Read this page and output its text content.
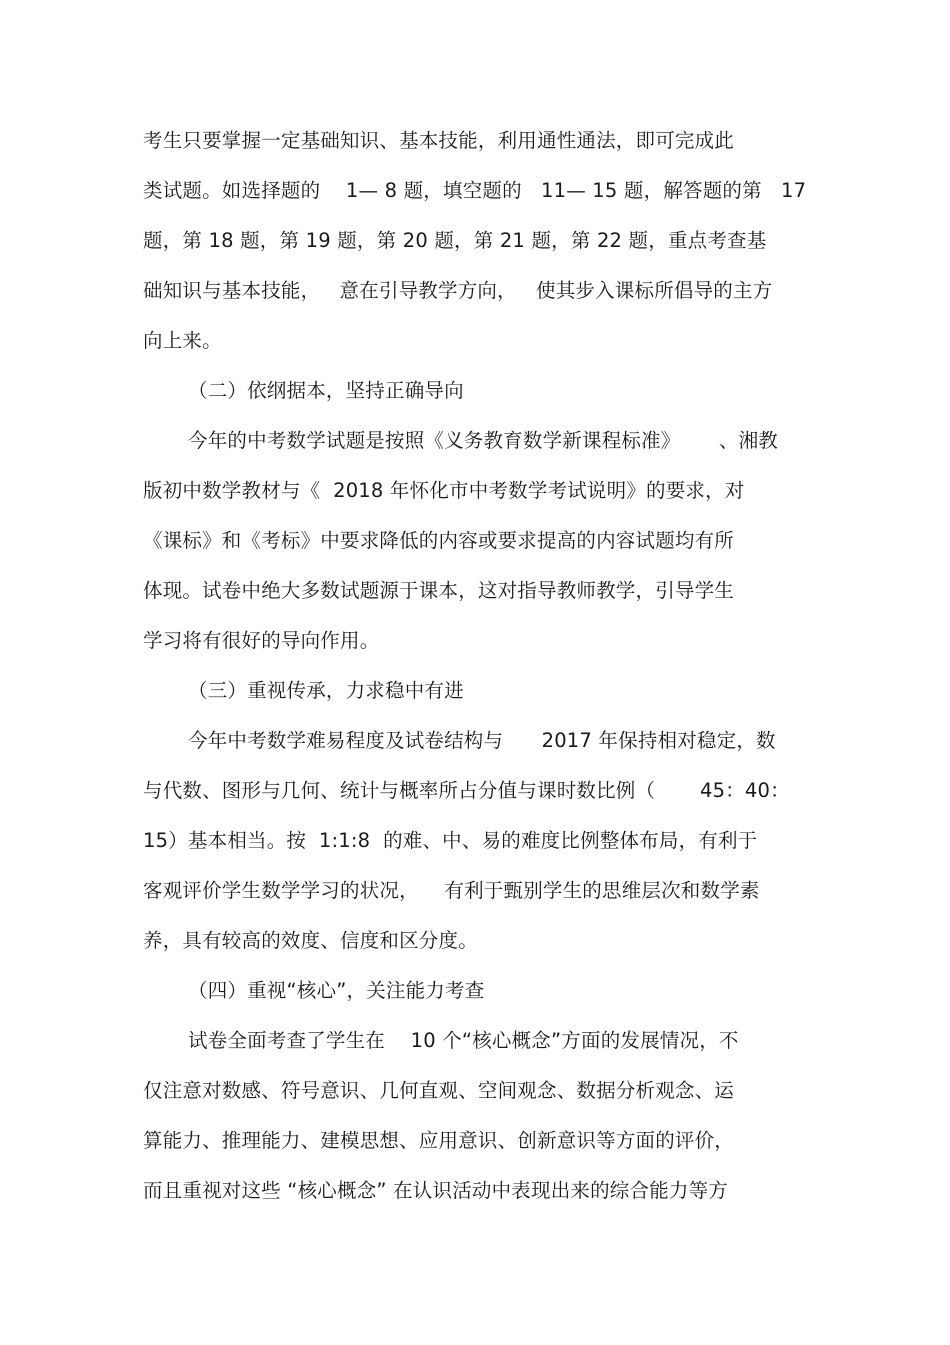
考生只要掌握一定基础知识、基本技能，利用通性通法，即可完成此
类试题。如选择题的    1— 8 题，填空题的   11— 15 题，解答题的第   17
题，第 18 题，第 19 题，第 20 题，第 21 题，第 22 题，重点考查基
础知识与基本技能，   意在引导教学方向，   使其步入课标所倡导的主方
向上来。
（二）依纲据本，坚持正确导向
今年的中考数学试题是按照《义务教育数学新课程标准》      、湘教
版初中数学教材与《  2018 年怀化市中考数学考试说明》的要求，对
《课标》和《考标》中要求降低的内容或要求提高的内容试题均有所
体现。试卷中绝大多数试题源于课本，这对指导教师教学，引导学生
学习将有很好的导向作用。
（三）重视传承，力求稳中有进
今年中考数学难易程度及试卷结构与      2017 年保持相对稳定，数
与代数、图形与几何、统计与概率所占分值与课时数比例（       45：40：
15）基本相当。按  1:1:8  的难、中、易的难度比例整体布局，有利于
客观评价学生数学学习的状况，    有利于甄别学生的思维层次和数学素
养，具有较高的效度、信度和区分度。
（四）重视“核心”，关注能力考查
试卷全面考查了学生在    10 个“核心概念”方面的发展情况，不
仅注意对数感、符号意识、几何直观、空间观念、数据分析观念、运
算能力、推理能力、建模思想、应用意识、创新意识等方面的评价，
而且重视对这些 “核心概念” 在认识活动中表现出来的综合能力等方
